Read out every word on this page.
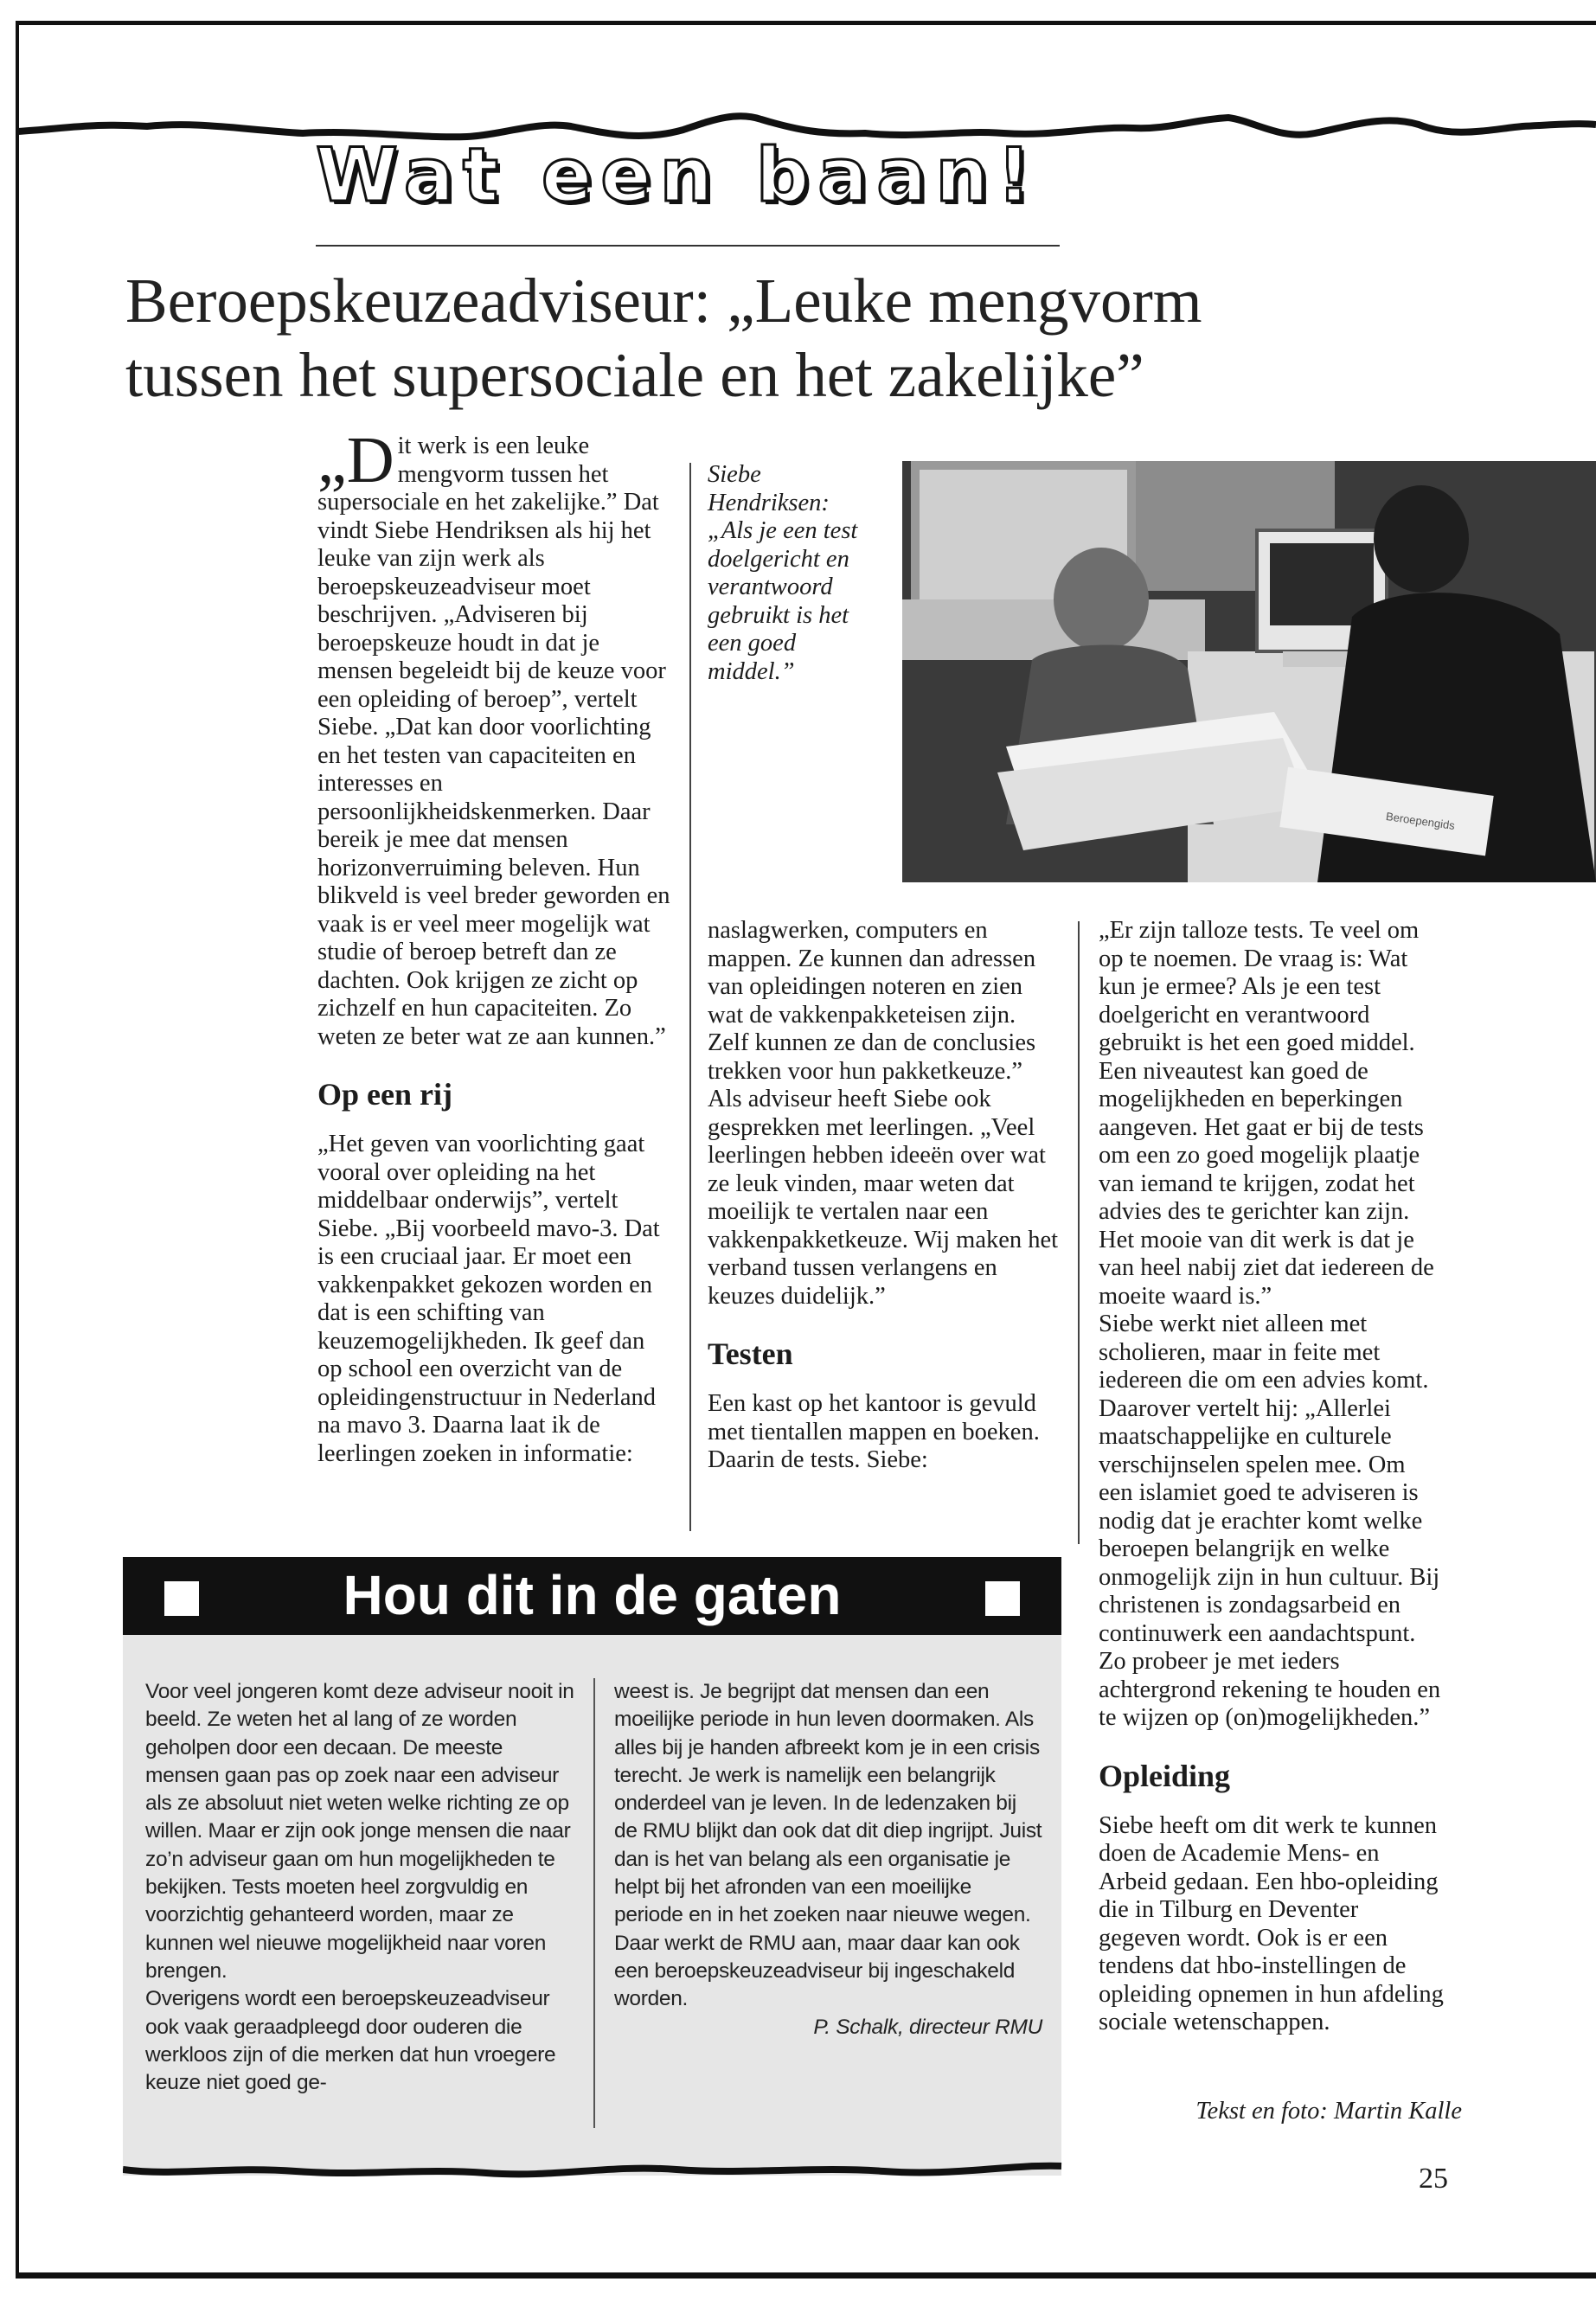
Wat een baan!
Beroepskeuzeadviseur: „Leuke mengvorm
tussen het supersociale en het zakelijke”

„Dit werk is een leuke mengvorm tussen het supersociale en het zakelijke.” Dat vindt Siebe Hendriksen als hij het leuke van zijn werk als beroepskeuzeadviseur moet beschrijven. „Adviseren bij beroepskeuze houdt in dat je mensen begeleidt bij de keuze voor een opleiding of beroep”, vertelt Siebe. „Dat kan door voorlichting en het testen van capaciteiten en interesses en persoonlijkheidskenmerken. Daar bereik je mee dat mensen horizonverruiming beleven. Hun blikveld is veel breder geworden en vaak is er veel meer mogelijk wat studie of beroep betreft dan ze dachten. Ook krijgen ze zicht op zichzelf en hun capaciteiten. Zo weten ze beter wat ze aan kunnen.”

Op een rij

„Het geven van voorlichting gaat vooral over opleiding na het middelbaar onderwijs”, vertelt Siebe. „Bij voorbeeld mavo-3. Dat is een cruciaal jaar. Er moet een vakkenpakket gekozen worden en dat is een schifting van keuzemogelijkheden. Ik geef dan op school een overzicht van de opleidingenstructuur in Nederland na mavo 3. Daarna laat ik de leerlingen zoeken in informatie:

Siebe Hendriksen: „Als je een test doelgericht en verantwoord gebruikt is het een goed middel.”
Beroepengids

naslagwerken, computers en mappen. Ze kunnen dan adressen van opleidingen noteren en zien wat de vakkenpakketeisen zijn. Zelf kunnen ze dan de conclusies trekken voor hun pakketkeuze.”

Als adviseur heeft Siebe ook gesprekken met leerlingen. „Veel leerlingen hebben ideeën over wat ze leuk vinden, maar weten dat moeilijk te vertalen naar een vakkenpakketkeuze. Wij maken het verband tussen verlangens en keuzes duidelijk.”

Testen

Een kast op het kantoor is gevuld met tientallen mappen en boeken. Daarin de tests. Siebe:

„Er zijn talloze tests. Te veel om op te noemen. De vraag is: Wat kun je ermee? Als je een test doelgericht en verantwoord gebruikt is het een goed middel. Een niveautest kan goed de mogelijkheden en beperkingen aangeven. Het gaat er bij de tests om een zo goed mogelijk plaatje van iemand te krijgen, zodat het advies des te gerichter kan zijn. Het mooie van dit werk is dat je van heel nabij ziet dat iedereen de moeite waard is.”

Siebe werkt niet alleen met scholieren, maar in feite met iedereen die om een advies komt. Daarover vertelt hij: „Allerlei maatschappelijke en culturele verschijnselen spelen mee. Om een islamiet goed te adviseren is nodig dat je erachter komt welke beroepen belangrijk en welke onmogelijk zijn in hun cultuur. Bij christenen is zondagsarbeid en continuwerk een aandachtspunt. Zo probeer je met ieders achtergrond rekening te houden en te wijzen op (on)mogelijkheden.”

Opleiding

Siebe heeft om dit werk te kunnen doen de Academie Mens- en Arbeid gedaan. Een hbo-opleiding die in Tilburg en Deventer gegeven wordt. Ook is er een tendens dat hbo-instellingen de opleiding opnemen in hun afdeling sociale wetenschappen.

Tekst en foto: Martin Kalle
Hou dit in de gaten

Voor veel jongeren komt deze adviseur nooit in beeld. Ze weten het al lang of ze worden geholpen door een decaan. De meeste mensen gaan pas op zoek naar een adviseur als ze absoluut niet weten welke richting ze op willen. Maar er zijn ook jonge mensen die naar zo’n adviseur gaan om hun mogelijkheden te bekijken. Tests moeten heel zorgvuldig en voorzichtig gehanteerd worden, maar ze kunnen wel nieuwe mogelijkheid naar voren brengen.

Overigens wordt een beroepskeuzeadviseur ook vaak geraadpleegd door ouderen die werkloos zijn of die merken dat hun vroegere keuze niet goed ge-

weest is. Je begrijpt dat mensen dan een moeilijke periode in hun leven doormaken. Als alles bij je handen afbreekt kom je in een crisis terecht. Je werk is namelijk een belangrijk onderdeel van je leven. In de ledenzaken bij de RMU blijkt dan ook dat dit diep ingrijpt. Juist dan is het van belang als een organisatie je helpt bij het afronden van een moeilijke periode en in het zoeken naar nieuwe wegen. Daar werkt de RMU aan, maar daar kan ook een beroepskeuzeadviseur bij ingeschakeld worden.

P. Schalk, directeur RMU

25
